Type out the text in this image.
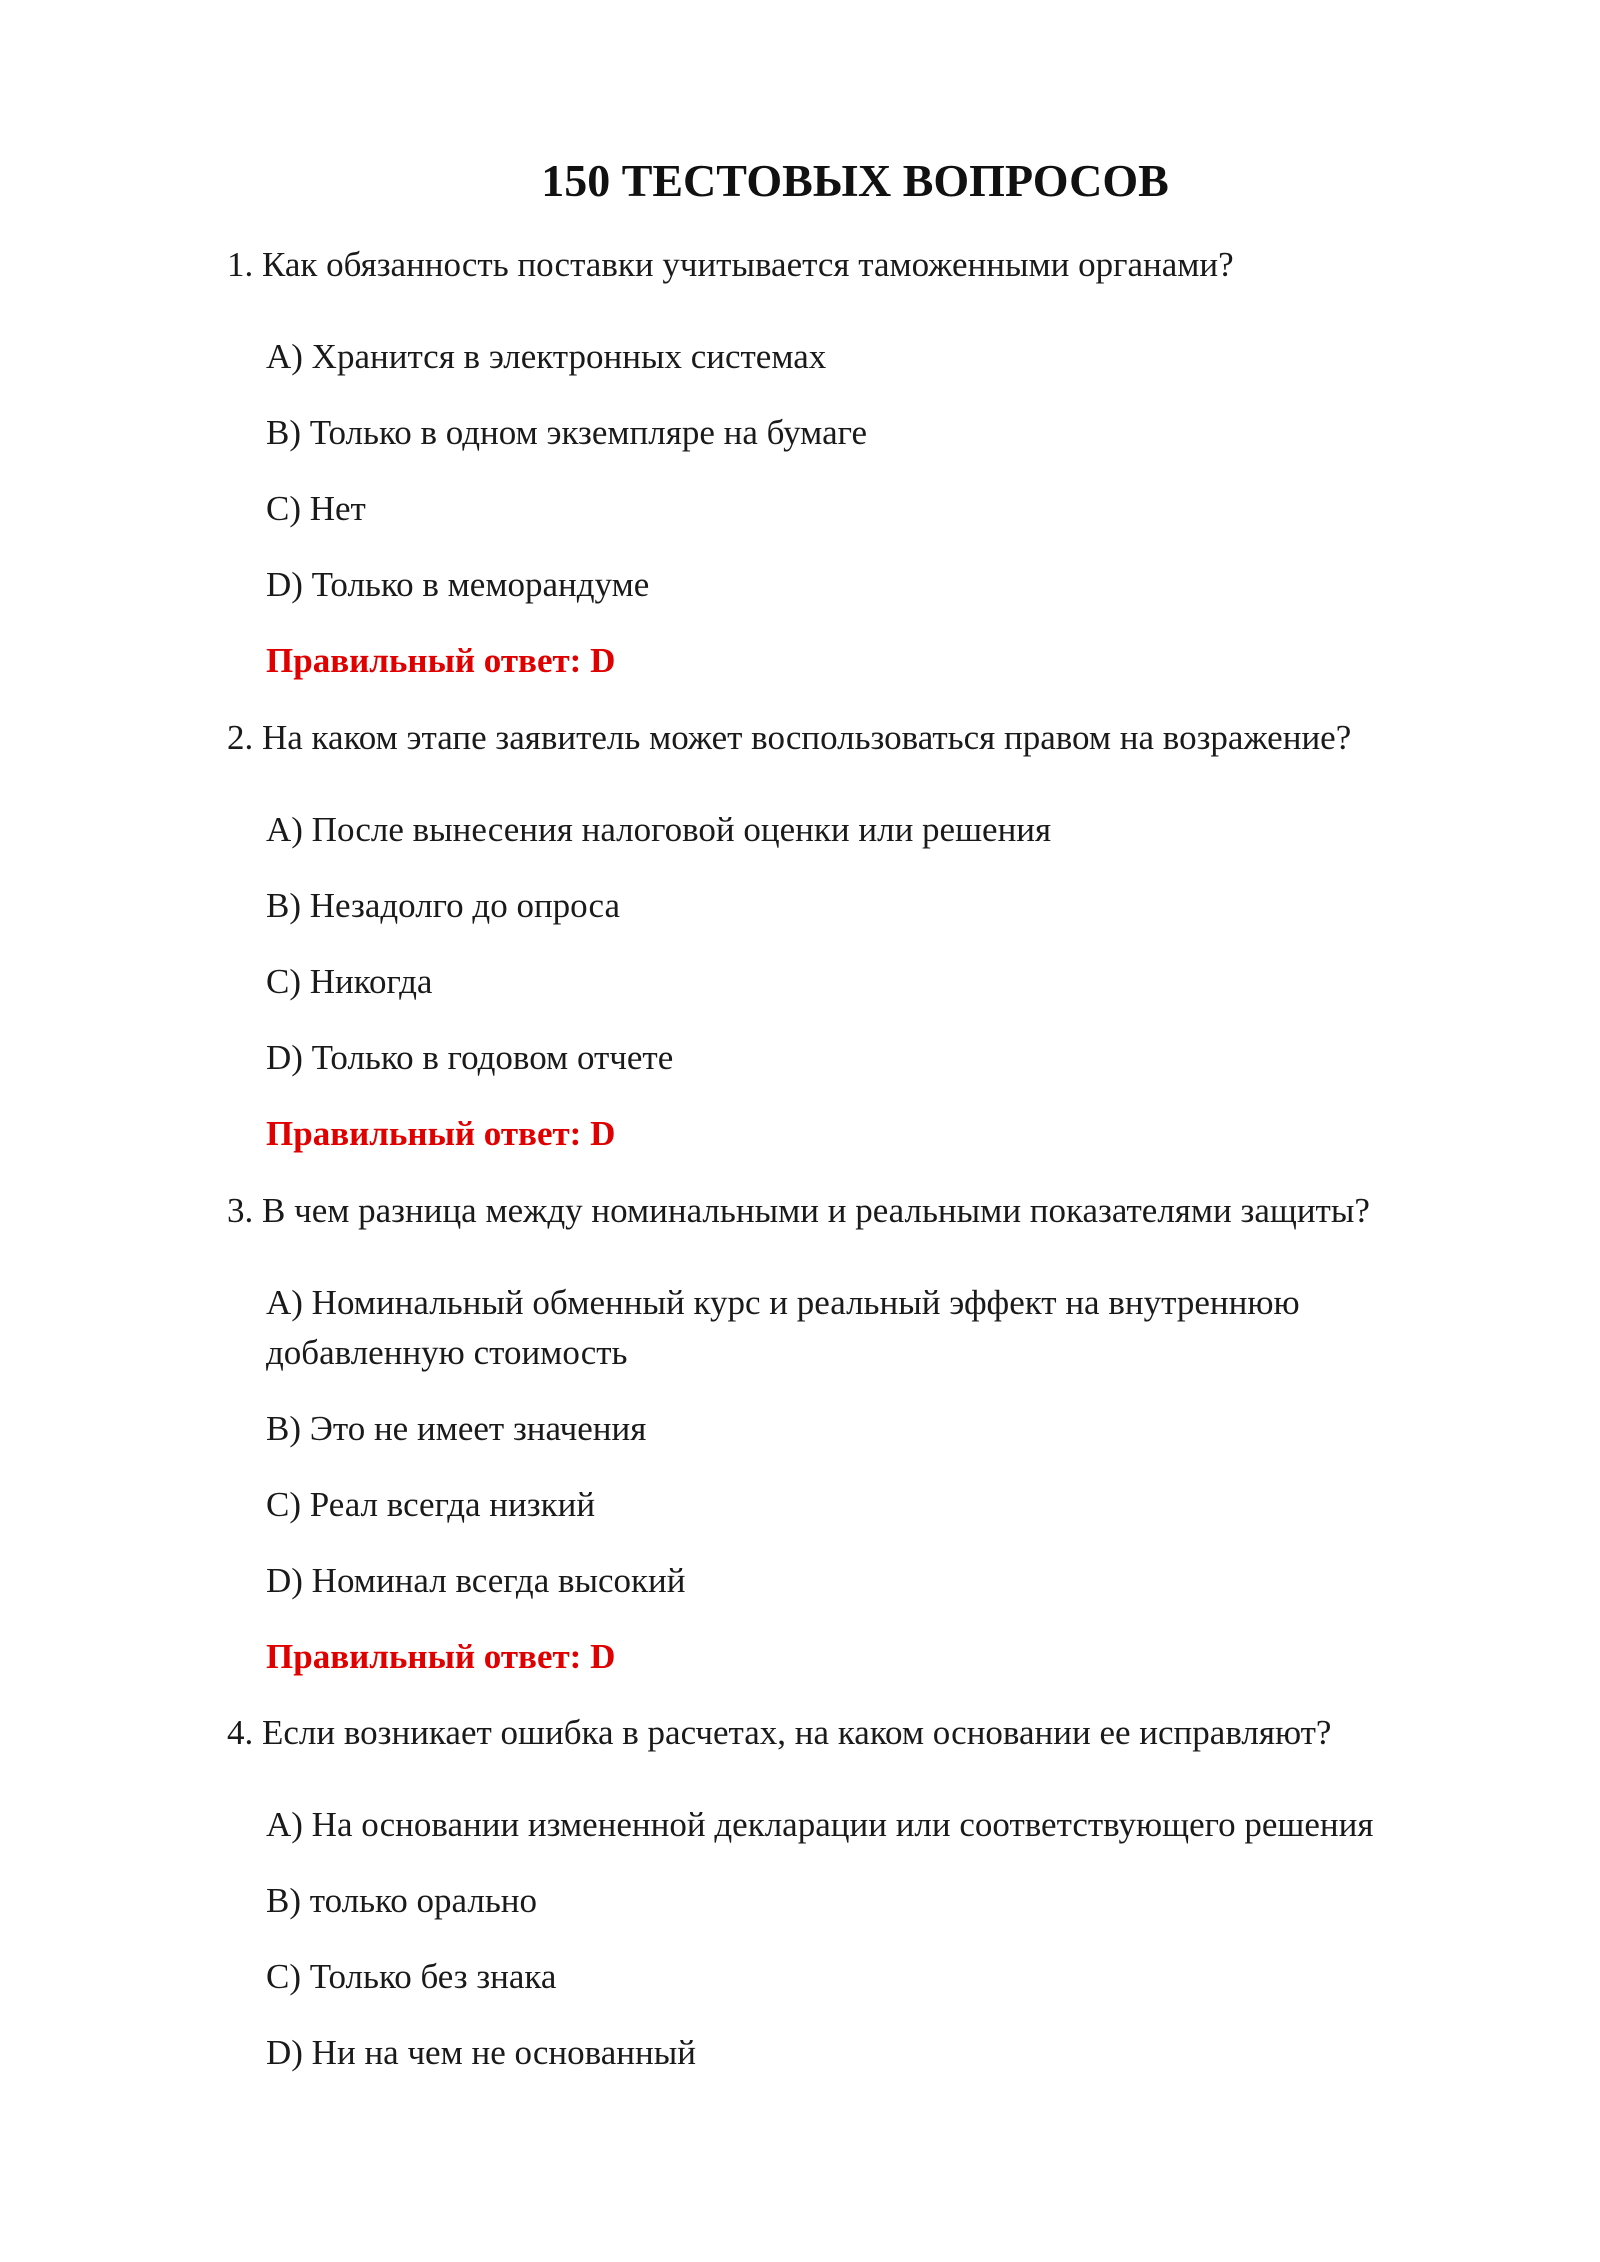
150 ТЕСТОВЫХ ВОПРОСОВ

1. Как обязанность поставки учитывается таможенными органами?

A) Хранится в электронных системах

B) Только в одном экземпляре на бумаге

C) Нет

D) Только в меморандуме

Правильный ответ: D

2. На каком этапе заявитель может воспользоваться правом на возражение?

A) После вынесения налоговой оценки или решения

B) Незадолго до опроса

C) Никогда

D) Только в годовом отчете

Правильный ответ: D

3. В чем разница между номинальными и реальными показателями защиты?

A) Номинальный обменный курс и реальный эффект на внутреннюю добавленную стоимость

B) Это не имеет значения

C) Реал всегда низкий

D) Номинал всегда высокий

Правильный ответ: D

4. Если возникает ошибка в расчетах, на каком основании ее исправляют?

A) На основании измененной декларации или соответствующего решения

B) только орально

C) Только без знака

D) Ни на чем не основанный
